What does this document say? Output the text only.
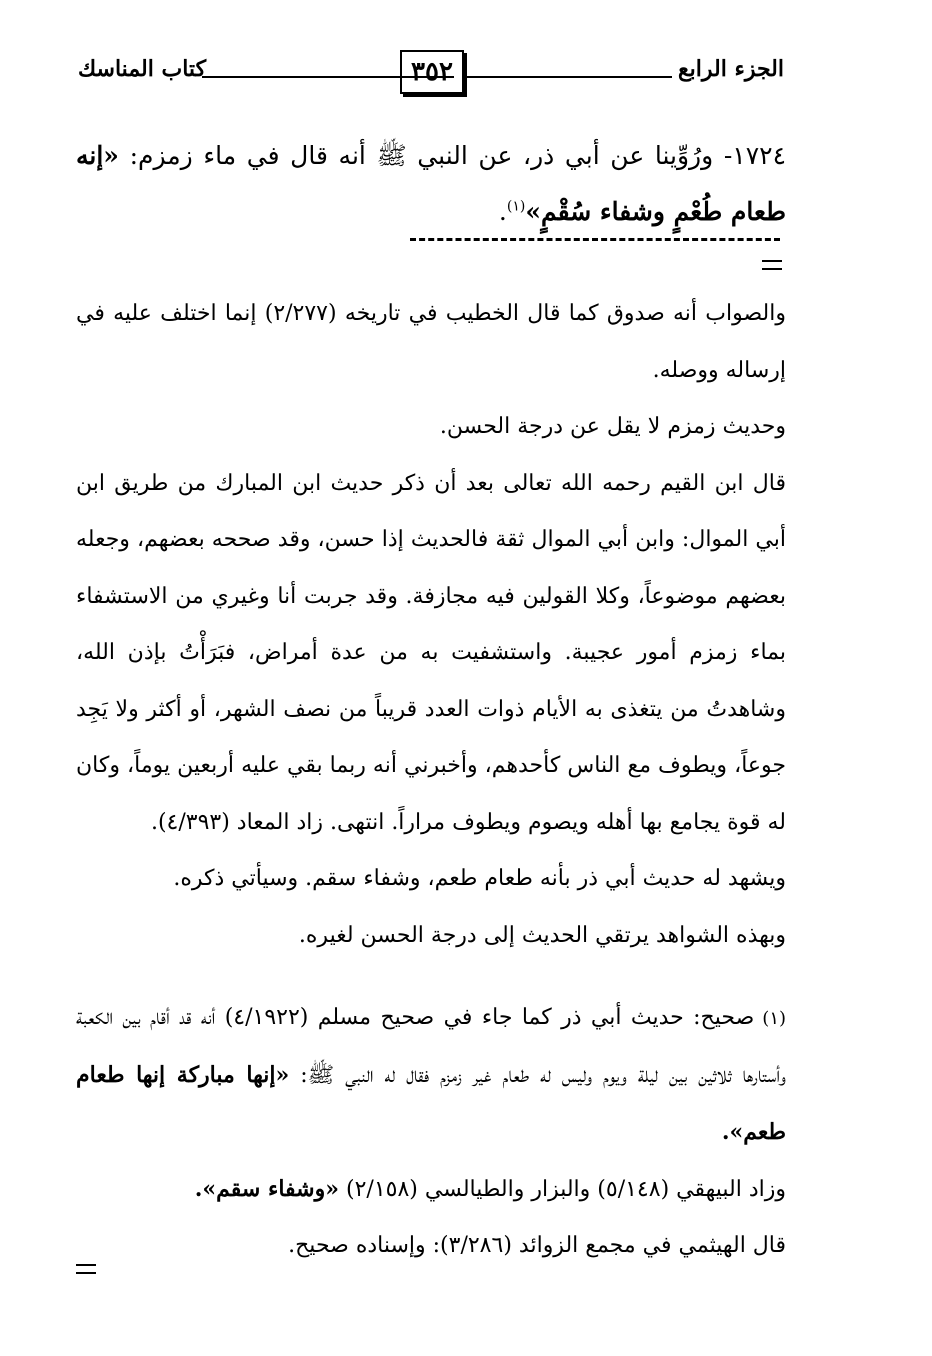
الجزء الرابع
٣٥٢
كتاب المناسك

١٧٢٤- ورُوِّينا عن أبي ذر، عن النبي ﷺ أنه قال في ماء زمزم: «إنه طعام طُعْمٍ وشفاء سُقْمٍ»$^{(١)}$.

والصواب أنه صدوق كما قال الخطيب في تاريخه (٢/٢٧٧) إنما اختلف عليه في إرساله ووصله.

وحديث زمزم لا يقل عن درجة الحسن.

قال ابن القيم رحمه الله تعالى بعد أن ذكر حديث ابن المبارك من طريق ابن أبي الموال: وابن أبي الموال ثقة فالحديث إذا حسن، وقد صححه بعضهم، وجعله بعضهم موضوعاً، وكلا القولين فيه مجازفة. وقد جربت أنا وغيري من الاستشفاء بماء زمزم أمور عجيبة. واستشفيت به من عدة أمراض، فبَرَأْتُ بإذن الله، وشاهدتُ من يتغذى به الأيام ذوات العدد قريباً من نصف الشهر، أو أكثر ولا يَجِد جوعاً، ويطوف مع الناس كأحدهم، وأخبرني أنه ربما بقي عليه أربعين يوماً، وكان له قوة يجامع بها أهله ويصوم ويطوف مراراً. انتهى. زاد المعاد (٤/٣٩٣).

ويشهد له حديث أبي ذر بأنه طعام طعم، وشفاء سقم. وسيأتي ذكره.

وبهذه الشواهد يرتقي الحديث إلى درجة الحسن لغيره.

(١)صحيح: حديث أبي ذر كما جاء في صحيح مسلم (٤/١٩٢٢) أنه قد أقام بين الكعبة وأستارها ثلاثين بين ليلة ويوم وليس له طعام غير زمزم فقال له النبي ﷺ: «إنها مباركة إنها طعام طعم».

وزاد البيهقي (٥/١٤٨) والبزار والطيالسي (٢/١٥٨) «وشفاء سقم».

قال الهيثمي في مجمع الزوائد (٣/٢٨٦): وإسناده صحيح.
